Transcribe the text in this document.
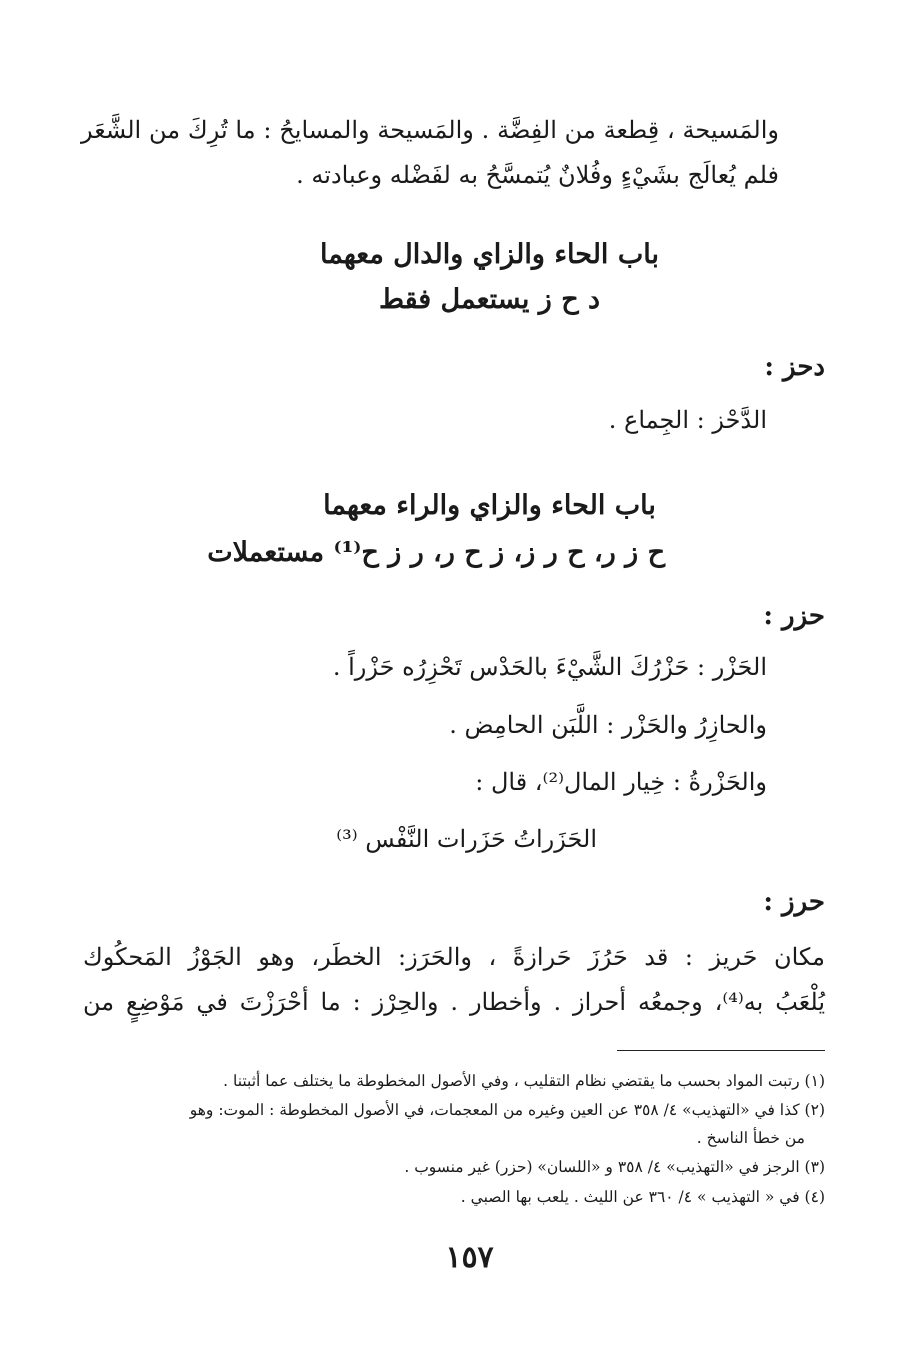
والمَسيحة ، قِطعة من الفِضَّة . والمَسيحة والمسايحُ : ما تُرِكَ من الشَّعَر
فلم يُعالَج بشَيْءٍ وفُلانٌ يُتمسَّحُ به لفَضْله وعبادته .
باب الحاء والزاي والدال معهما
د ح ز يستعمل فقط
دحز :
الدَّحْز : الجِماع .
باب الحاء والزاي والراء معهما
ح ز ر، ح ر ز، ز ح ر، ر ز ح⁽¹⁾ مستعملات
حزر :
الحَزْر : حَزْرُكَ الشَّيْءَ بالحَدْس تَحْزِرُه حَزْراً .
والحازِرُ والحَزْر : اللَّبَن الحامِض .
والحَزْرةُ : خِيار المال⁽²⁾، قال :
الحَزَراتُ حَزَرات النَّفْس ⁽³⁾
حرز :
مكان حَريز : قد حَرُزَ حَرازةً ، والحَرَز: الخطَر، وهو الجَوْزُ المَحكُوك
يُلْعَبُ به⁽⁴⁾، وجمعُه أحراز . وأخطار . والحِرْز : ما أحْرَزْتَ في مَوْضِعٍ من
(١) رتبت المواد بحسب ما يقتضي نظام التقليب ، وفي الأصول المخطوطة ما يختلف عما أثبتنا .
(٢) كذا في «التهذيب» ٤/ ٣٥٨ عن العين وغيره من المعجمات، في الأصول المخطوطة : الموت: وهو
من خطأ الناسخ .
(٣) الرجز في «التهذيب» ٤/ ٣٥٨ و «اللسان» (حزر) غير منسوب .
(٤) في « التهذيب » ٤/ ٣٦٠ عن الليث . يلعب بها الصبي .
١٥٧
